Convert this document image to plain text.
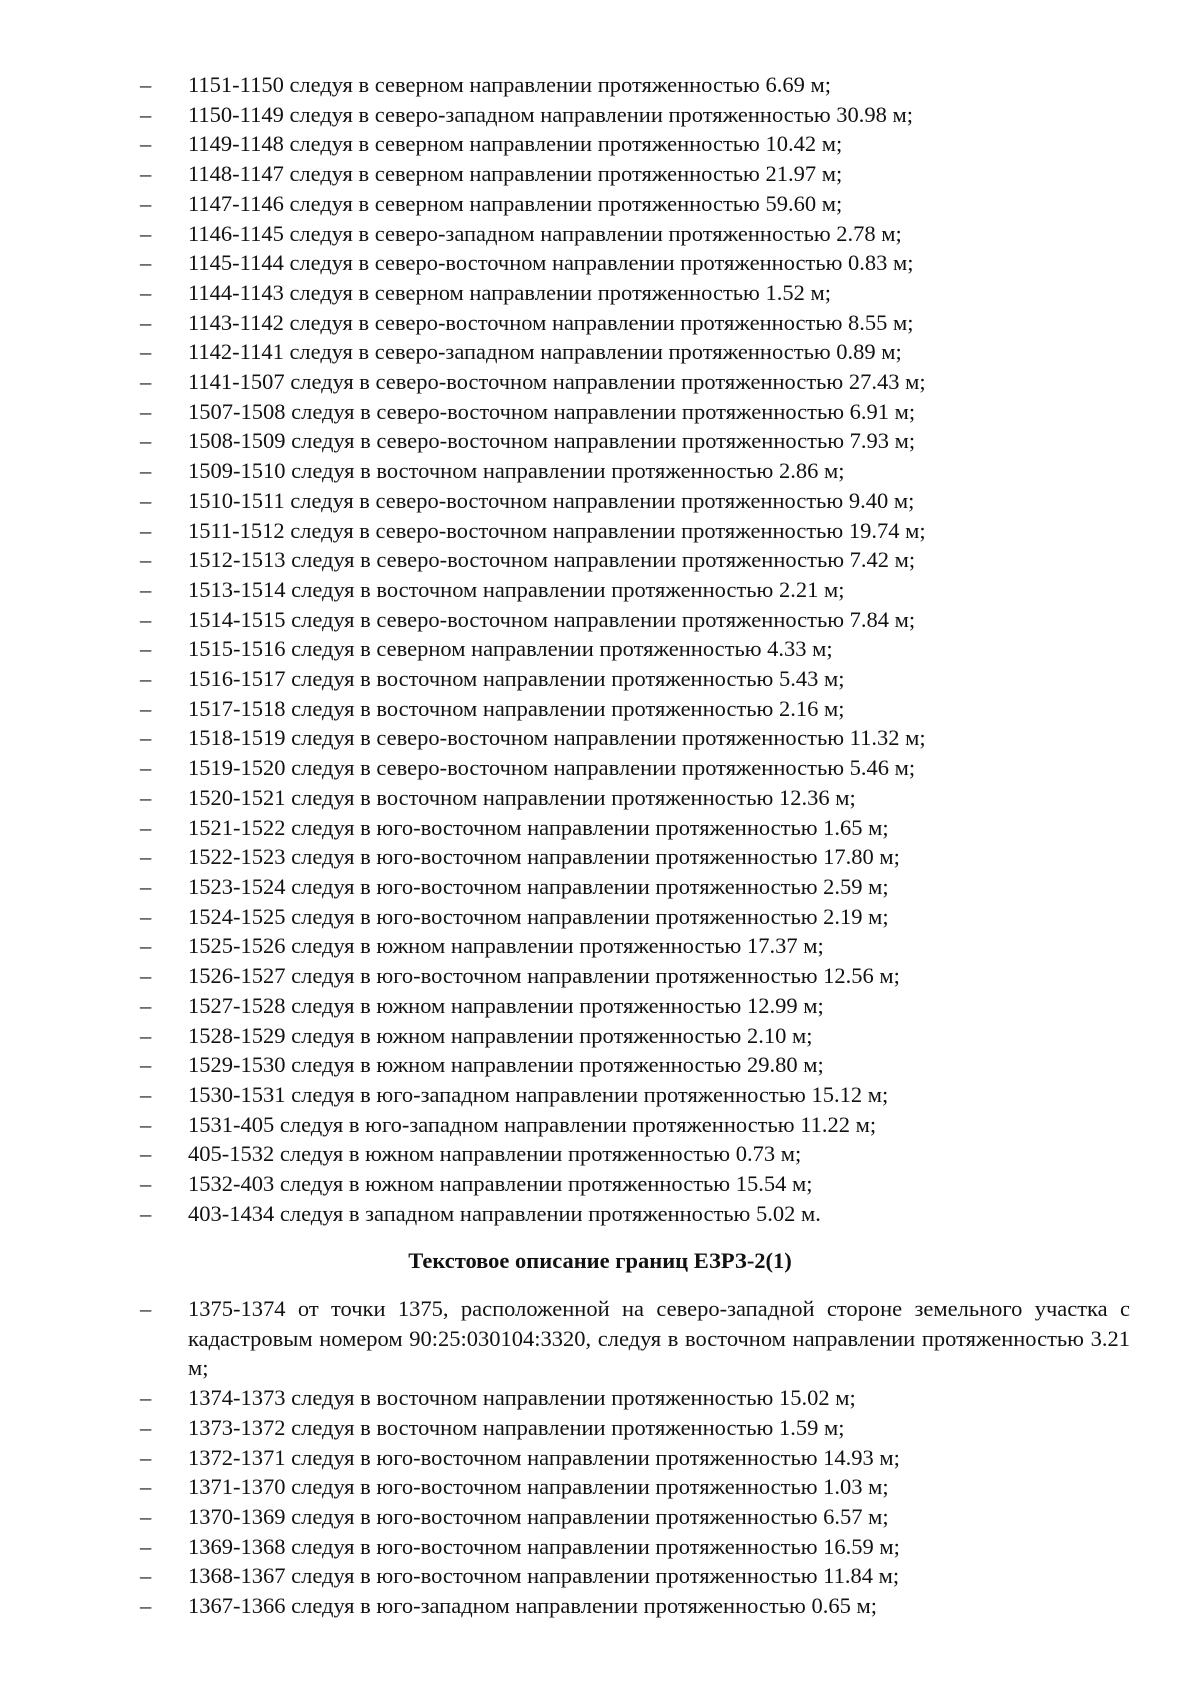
– 1151-1150 следуя в северном направлении протяженностью 6.69 м;
– 1150-1149 следуя в северо-западном направлении протяженностью 30.98 м;
– 1149-1148 следуя в северном направлении протяженностью 10.42 м;
– 1148-1147 следуя в северном направлении протяженностью 21.97 м;
– 1147-1146 следуя в северном направлении протяженностью 59.60 м;
– 1146-1145 следуя в северо-западном направлении протяженностью 2.78 м;
– 1145-1144 следуя в северо-восточном направлении протяженностью 0.83 м;
– 1144-1143 следуя в северном направлении протяженностью 1.52 м;
– 1143-1142 следуя в северо-восточном направлении протяженностью 8.55 м;
– 1142-1141 следуя в северо-западном направлении протяженностью 0.89 м;
– 1141-1507 следуя в северо-восточном направлении протяженностью 27.43 м;
– 1507-1508 следуя в северо-восточном направлении протяженностью 6.91 м;
– 1508-1509 следуя в северо-восточном направлении протяженностью 7.93 м;
– 1509-1510 следуя в восточном направлении протяженностью 2.86 м;
– 1510-1511 следуя в северо-восточном направлении протяженностью 9.40 м;
– 1511-1512 следуя в северо-восточном направлении протяженностью 19.74 м;
– 1512-1513 следуя в северо-восточном направлении протяженностью 7.42 м;
– 1513-1514 следуя в восточном направлении протяженностью 2.21 м;
– 1514-1515 следуя в северо-восточном направлении протяженностью 7.84 м;
– 1515-1516 следуя в северном направлении протяженностью 4.33 м;
– 1516-1517 следуя в восточном направлении протяженностью 5.43 м;
– 1517-1518 следуя в восточном направлении протяженностью 2.16 м;
– 1518-1519 следуя в северо-восточном направлении протяженностью 11.32 м;
– 1519-1520 следуя в северо-восточном направлении протяженностью 5.46 м;
– 1520-1521 следуя в восточном направлении протяженностью 12.36 м;
– 1521-1522 следуя в юго-восточном направлении протяженностью 1.65 м;
– 1522-1523 следуя в юго-восточном направлении протяженностью 17.80 м;
– 1523-1524 следуя в юго-восточном направлении протяженностью 2.59 м;
– 1524-1525 следуя в юго-восточном направлении протяженностью 2.19 м;
– 1525-1526 следуя в южном направлении протяженностью 17.37 м;
– 1526-1527 следуя в юго-восточном направлении протяженностью 12.56 м;
– 1527-1528 следуя в южном направлении протяженностью 12.99 м;
– 1528-1529 следуя в южном направлении протяженностью 2.10 м;
– 1529-1530 следуя в южном направлении протяженностью 29.80 м;
– 1530-1531 следуя в юго-западном направлении протяженностью 15.12 м;
– 1531-405 следуя в юго-западном направлении протяженностью 11.22 м;
– 405-1532 следуя в южном направлении протяженностью 0.73 м;
– 1532-403 следуя в южном направлении протяженностью 15.54 м;
– 403-1434 следуя в западном направлении протяженностью 5.02 м.
Текстовое описание границ ЕЗРЗ-2(1)
– 1375-1374 от точки 1375, расположенной на северо-западной стороне земельного участка с кадастровым номером 90:25:030104:3320, следуя в восточном направлении протяженностью 3.21 м;
– 1374-1373 следуя в восточном направлении протяженностью 15.02 м;
– 1373-1372 следуя в восточном направлении протяженностью 1.59 м;
– 1372-1371 следуя в юго-восточном направлении протяженностью 14.93 м;
– 1371-1370 следуя в юго-восточном направлении протяженностью 1.03 м;
– 1370-1369 следуя в юго-восточном направлении протяженностью 6.57 м;
– 1369-1368 следуя в юго-восточном направлении протяженностью 16.59 м;
– 1368-1367 следуя в юго-восточном направлении протяженностью 11.84 м;
– 1367-1366 следуя в юго-западном направлении протяженностью 0.65 м;
